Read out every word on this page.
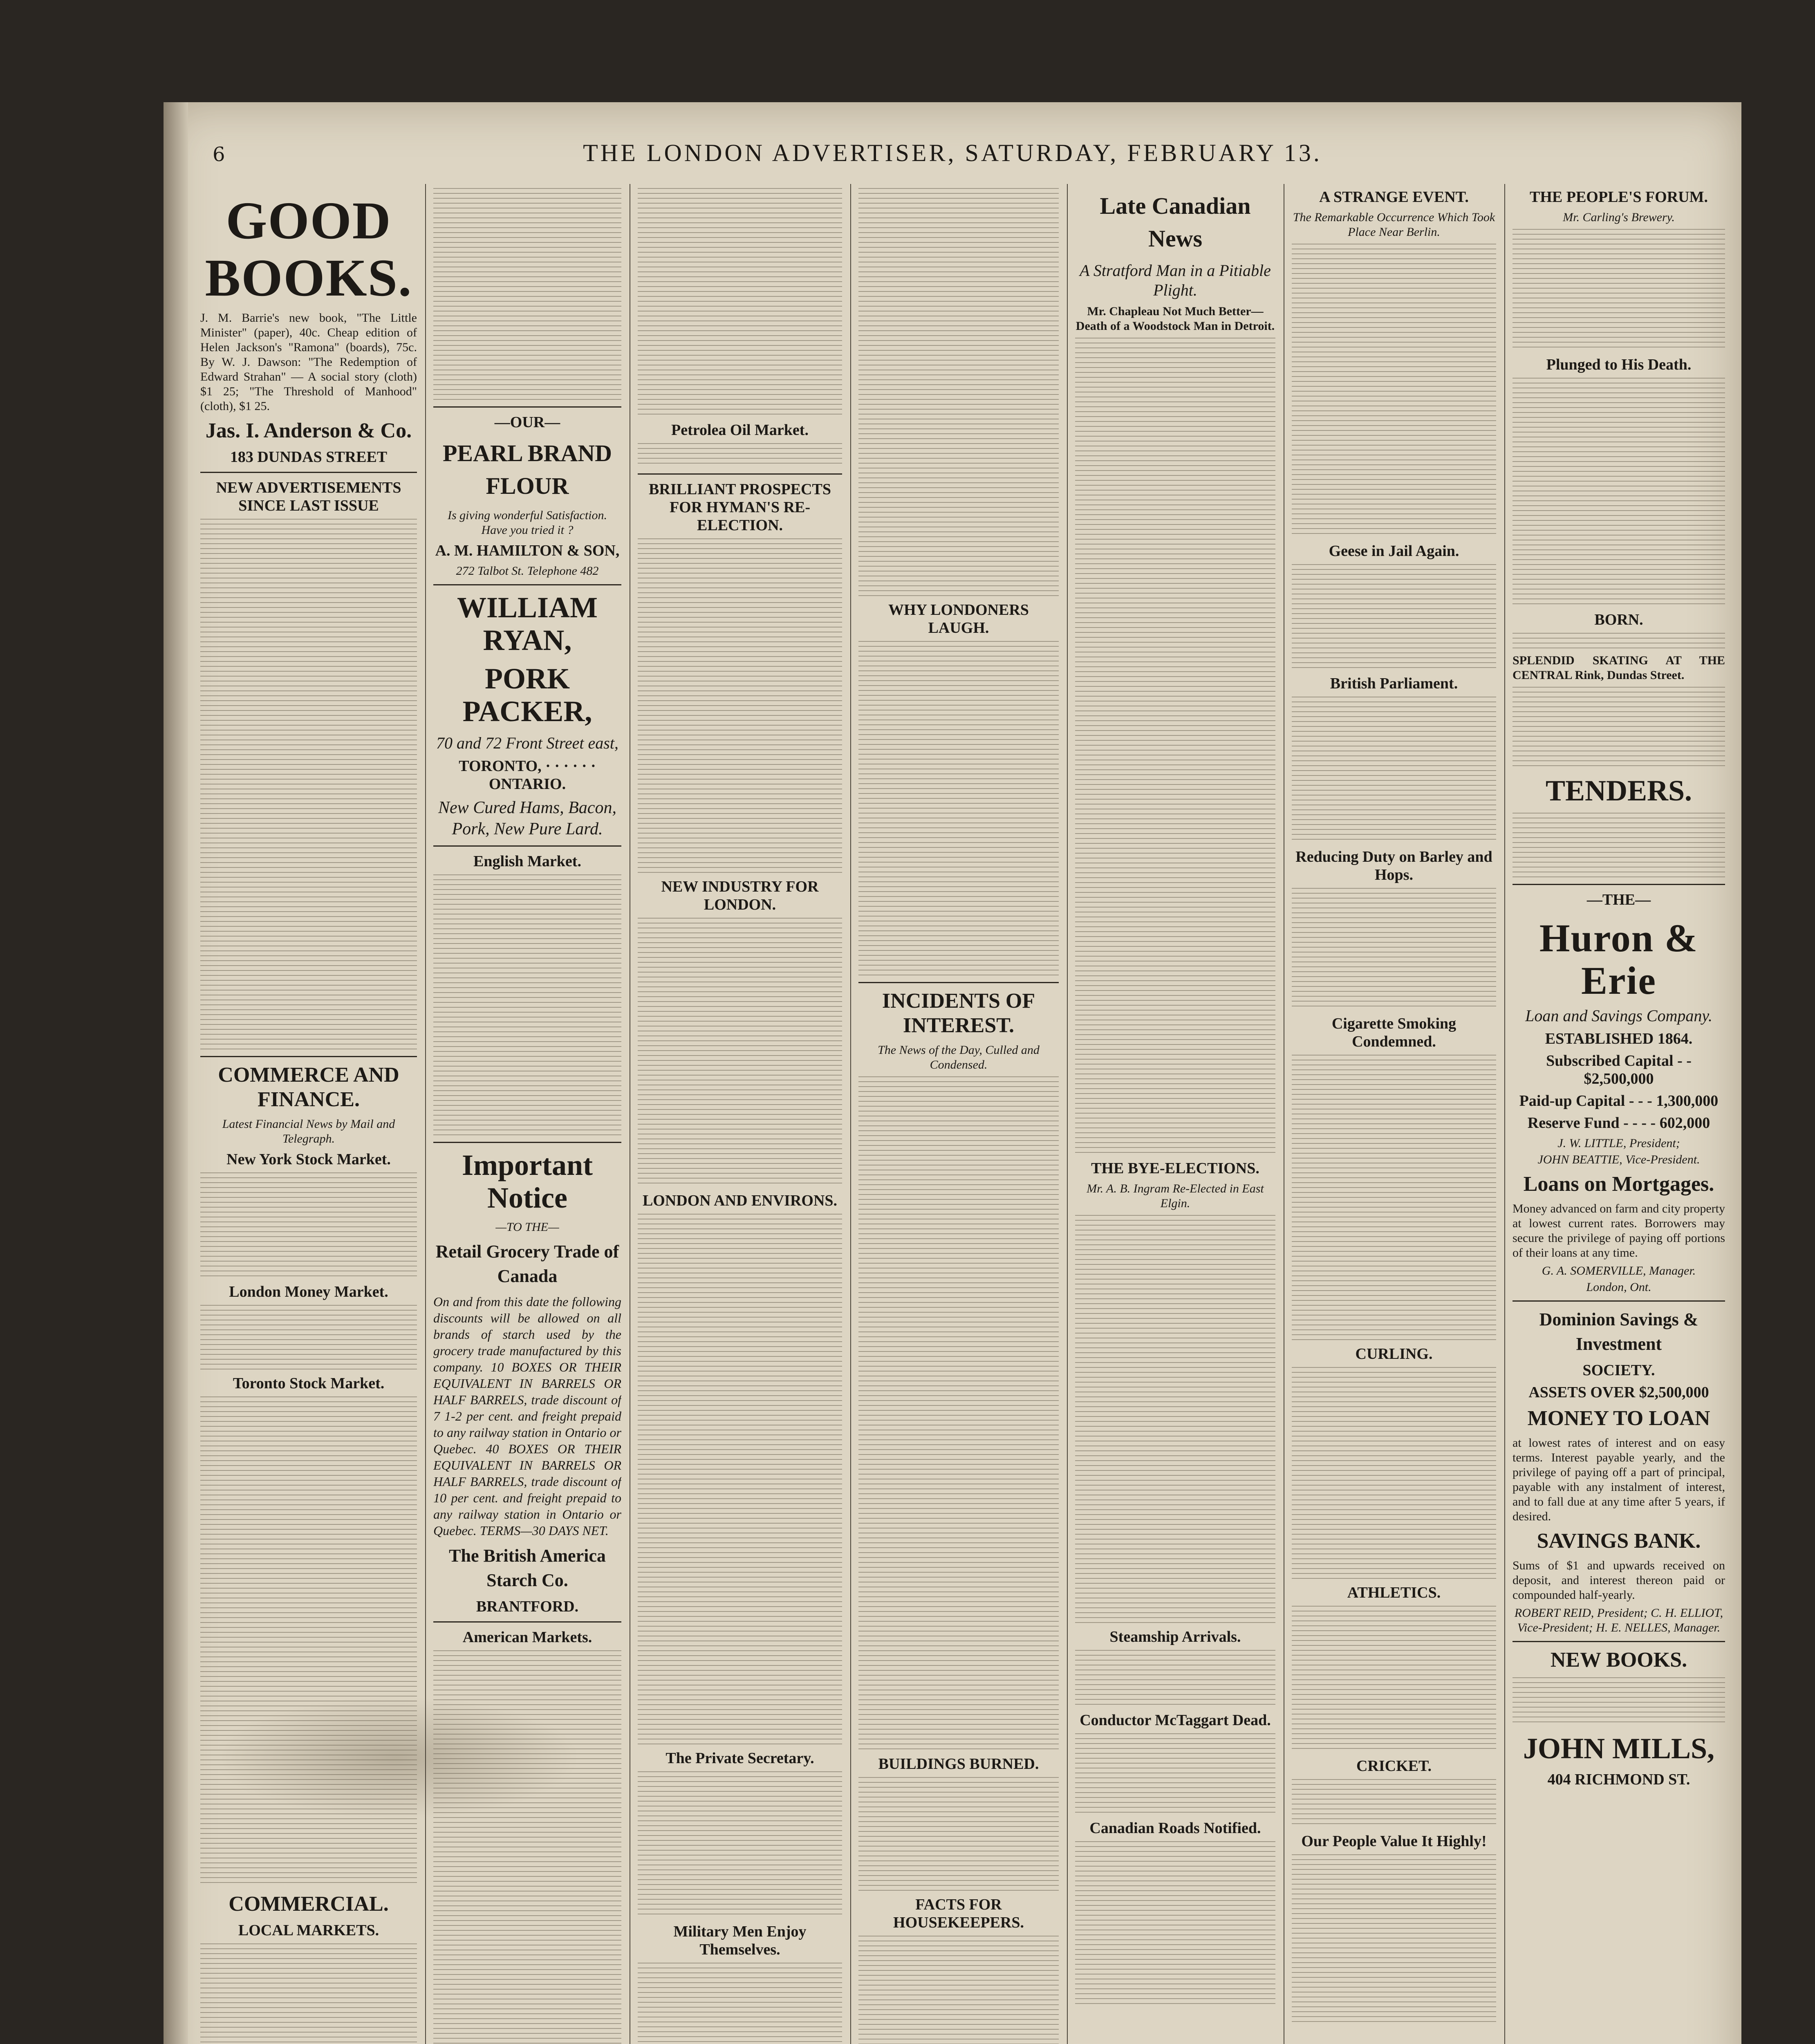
6	THE LONDON ADVERTISER, SATURDAY, FEBRUARY 13.
GOOD BOOKS.
J. M. Barrie's new book, "The Little Minister" (paper), 40c. Cheap edition of Helen Jackson's "Ramona" (boards), 75c. By W. J. Dawson: "The Redemption of Edward Strahan" — A social story (cloth) $1 25; "The Threshold of Manhood" (cloth), $1 25.
Jas. I. Anderson & Co.
183 DUNDAS STREET
NEW ADVERTISEMENTS SINCE LAST ISSUE
COMMERCE AND FINANCE.
Latest Financial News by Mail and Telegraph.
New York Stock Market.
London Money Market.
Toronto Stock Market.
COMMERCIAL.
LOCAL MARKETS.
—OUR—
PEARL BRAND FLOUR
Is giving wonderful Satisfaction. Have you tried it ?
A. M. HAMILTON & SON,
272 Talbot St. Telephone 482
WILLIAM RYAN,
PORK PACKER,
70 and 72 Front Street east,
TORONTO, · · · · · · ONTARIO.
New Cured Hams, Bacon, Pork, New Pure Lard.
English Market.
Important Notice
—TO THE—
Retail Grocery Trade of Canada
On and from this date the following discounts will be allowed on all brands of starch used by the grocery trade manufactured by this company. 10 BOXES OR THEIR EQUIVALENT IN BARRELS OR HALF BARRELS, trade discount of 7 1-2 per cent. and freight prepaid to any railway station in Ontario or Quebec. 40 BOXES OR THEIR EQUIVALENT IN BARRELS OR HALF BARRELS, trade discount of 10 per cent. and freight prepaid to any railway station in Ontario or Quebec. TERMS—30 DAYS NET.
The British America Starch Co.
BRANTFORD.
American Markets.
Petrolea Oil Market.
BRILLIANT PROSPECTS FOR HYMAN'S RE-ELECTION.
NEW INDUSTRY FOR LONDON.
LONDON AND ENVIRONS.
The Private Secretary.
Military Men Enjoy Themselves.
WHY LONDONERS LAUGH.
INCIDENTS OF INTEREST.
The News of the Day, Culled and Condensed.
BUILDINGS BURNED.
FACTS FOR HOUSEKEEPERS.
Late Canadian News
A Stratford Man in a Pitiable Plight.
Mr. Chapleau Not Much Better—Death of a Woodstock Man in Detroit.
THE BYE-ELECTIONS.
Mr. A. B. Ingram Re-Elected in East Elgin.
Steamship Arrivals.
Conductor McTaggart Dead.
Canadian Roads Notified.
A STRANGE EVENT.
The Remarkable Occurrence Which Took Place Near Berlin.
Geese in Jail Again.
British Parliament.
Reducing Duty on Barley and Hops.
Cigarette Smoking Condemned.
CURLING.
ATHLETICS.
CRICKET.
Our People Value It Highly!
THE PEOPLE'S FORUM.
Mr. Carling's Brewery.
Plunged to His Death.
BORN.
SPLENDID SKATING AT THE CENTRAL Rink, Dundas Street.
TENDERS.
—THE—
Huron & Erie
Loan and Savings Company.
ESTABLISHED 1864.
Subscribed Capital - - $2,500,000
Paid-up Capital - - - 1,300,000
Reserve Fund - - - - 602,000
J. W. LITTLE, President;
JOHN BEATTIE, Vice-President.
Loans on Mortgages.
Money advanced on farm and city property at lowest current rates. Borrowers may secure the privilege of paying off portions of their loans at any time.
G. A. SOMERVILLE, Manager.
London, Ont.
Dominion Savings & Investment
SOCIETY.
ASSETS OVER $2,500,000
MONEY TO LOAN
at lowest rates of interest and on easy terms. Interest payable yearly, and the privilege of paying off a part of principal, payable with any instalment of interest, and to fall due at any time after 5 years, if desired.
SAVINGS BANK.
Sums of $1 and upwards received on deposit, and interest thereon paid or compounded half-yearly.
ROBERT REID, President; C. H. ELLIOT, Vice-President; H. E. NELLES, Manager.
NEW BOOKS.
JOHN MILLS,
404 RICHMOND ST.
